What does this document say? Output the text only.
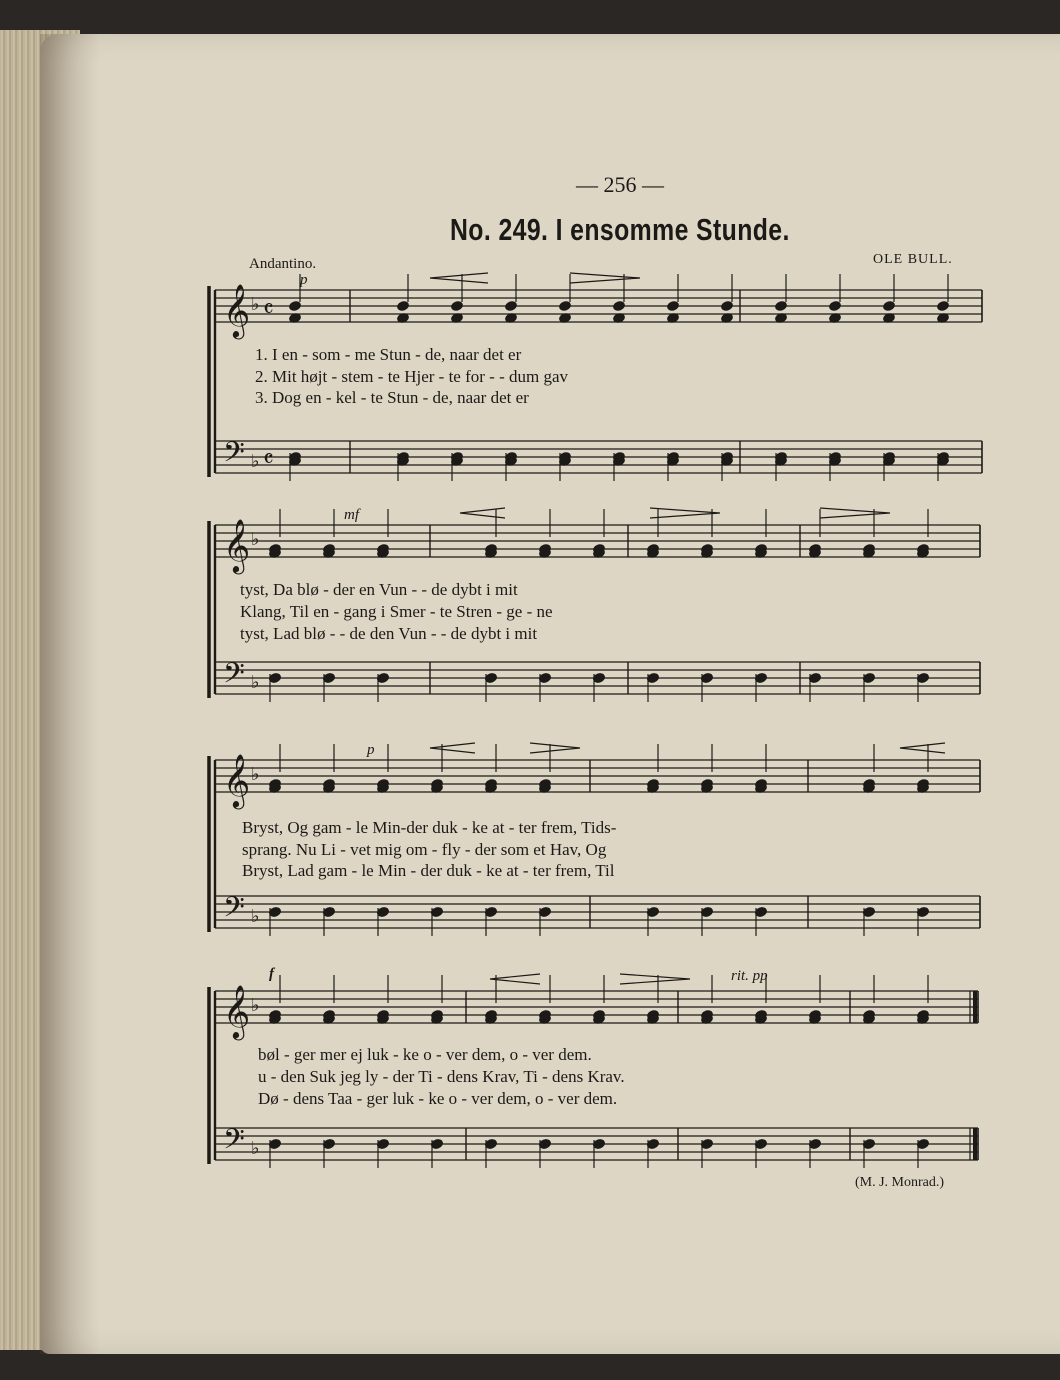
— 256 —
No. 249. I ensomme Stunde.
Andantino.	OLE BULL.
𝄞
𝄢
♭
♭
𝄴
𝄴
𝄞
𝄢
♭
♭
𝄞
𝄢
♭
♭
𝄞
𝄢
♭
♭
p
mf
p
f	rit. pp
1. I en - som - me Stun - de, naar det er
2. Mit højt - stem - te Hjer - te for - - dum gav
3. Dog en - kel - te Stun - de, naar det er
tyst, Da blø - der en Vun - - de dybt i mit
Klang, Til en - gang i Smer - te Stren - ge - ne
tyst, Lad blø - - de den Vun - - de dybt i mit
Bryst, Og gam - le Min-der duk - ke at - ter frem, Tids-
sprang. Nu Li - vet mig om - fly - der som et Hav, Og
Bryst, Lad gam - le Min - der duk - ke at - ter frem, Til
bøl - ger mer ej luk - ke o - ver dem, o - ver dem.
u - den Suk jeg ly - der Ti - dens Krav, Ti - dens Krav.
Dø - dens Taa - ger luk - ke o - ver dem, o - ver dem.
(M. J. Monrad.)
